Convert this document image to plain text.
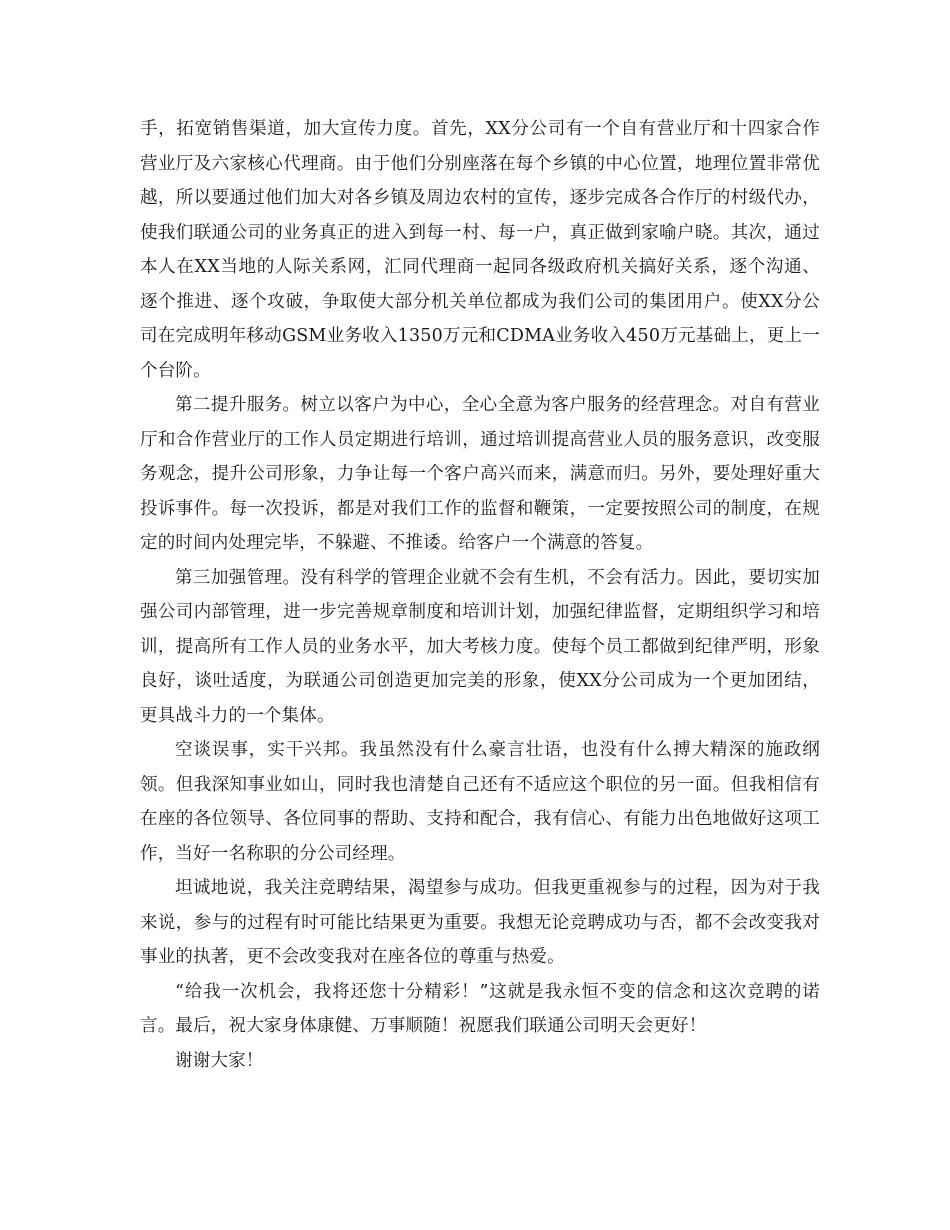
手，拓宽销售渠道，加大宣传力度。首先，XX分公司有一个自有营业厅和十四家合作营业厅及六家核心代理商。由于他们分别座落在每个乡镇的中心位置，地理位置非常优越，所以要通过他们加大对各乡镇及周边农村的宣传，逐步完成各合作厅的村级代办，使我们联通公司的业务真正的进入到每一村、每一户，真正做到家喻户晓。其次，通过本人在XX当地的人际关系网，汇同代理商一起同各级政府机关搞好关系，逐个沟通、逐个推进、逐个攻破，争取使大部分机关单位都成为我们公司的集团用户。使XX分公司在完成明年移动GSM业务收入1350万元和CDMA业务收入450万元基础上，更上一个台阶。

第二提升服务。树立以客户为中心，全心全意为客户服务的经营理念。对自有营业厅和合作营业厅的工作人员定期进行培训，通过培训提高营业人员的服务意识，改变服务观念，提升公司形象，力争让每一个客户高兴而来，满意而归。另外，要处理好重大投诉事件。每一次投诉，都是对我们工作的监督和鞭策，一定要按照公司的制度，在规定的时间内处理完毕，不躲避、不推诿。给客户一个满意的答复。

第三加强管理。没有科学的管理企业就不会有生机，不会有活力。因此，要切实加强公司内部管理，进一步完善规章制度和培训计划，加强纪律监督，定期组织学习和培训，提高所有工作人员的业务水平，加大考核力度。使每个员工都做到纪律严明，形象良好，谈吐适度，为联通公司创造更加完美的形象，使XX分公司成为一个更加团结，更具战斗力的一个集体。

空谈误事，实干兴邦。我虽然没有什么豪言壮语，也没有什么搏大精深的施政纲领。但我深知事业如山，同时我也清楚自己还有不适应这个职位的另一面。但我相信有在座的各位领导、各位同事的帮助、支持和配合，我有信心、有能力出色地做好这项工作，当好一名称职的分公司经理。

坦诚地说，我关注竞聘结果，渴望参与成功。但我更重视参与的过程，因为对于我来说，参与的过程有时可能比结果更为重要。我想无论竞聘成功与否，都不会改变我对事业的执著，更不会改变我对在座各位的尊重与热爱。

“给我一次机会，我将还您十分精彩！”这就是我永恒不变的信念和这次竞聘的诺言。最后，祝大家身体康健、万事顺随！祝愿我们联通公司明天会更好！

谢谢大家！
